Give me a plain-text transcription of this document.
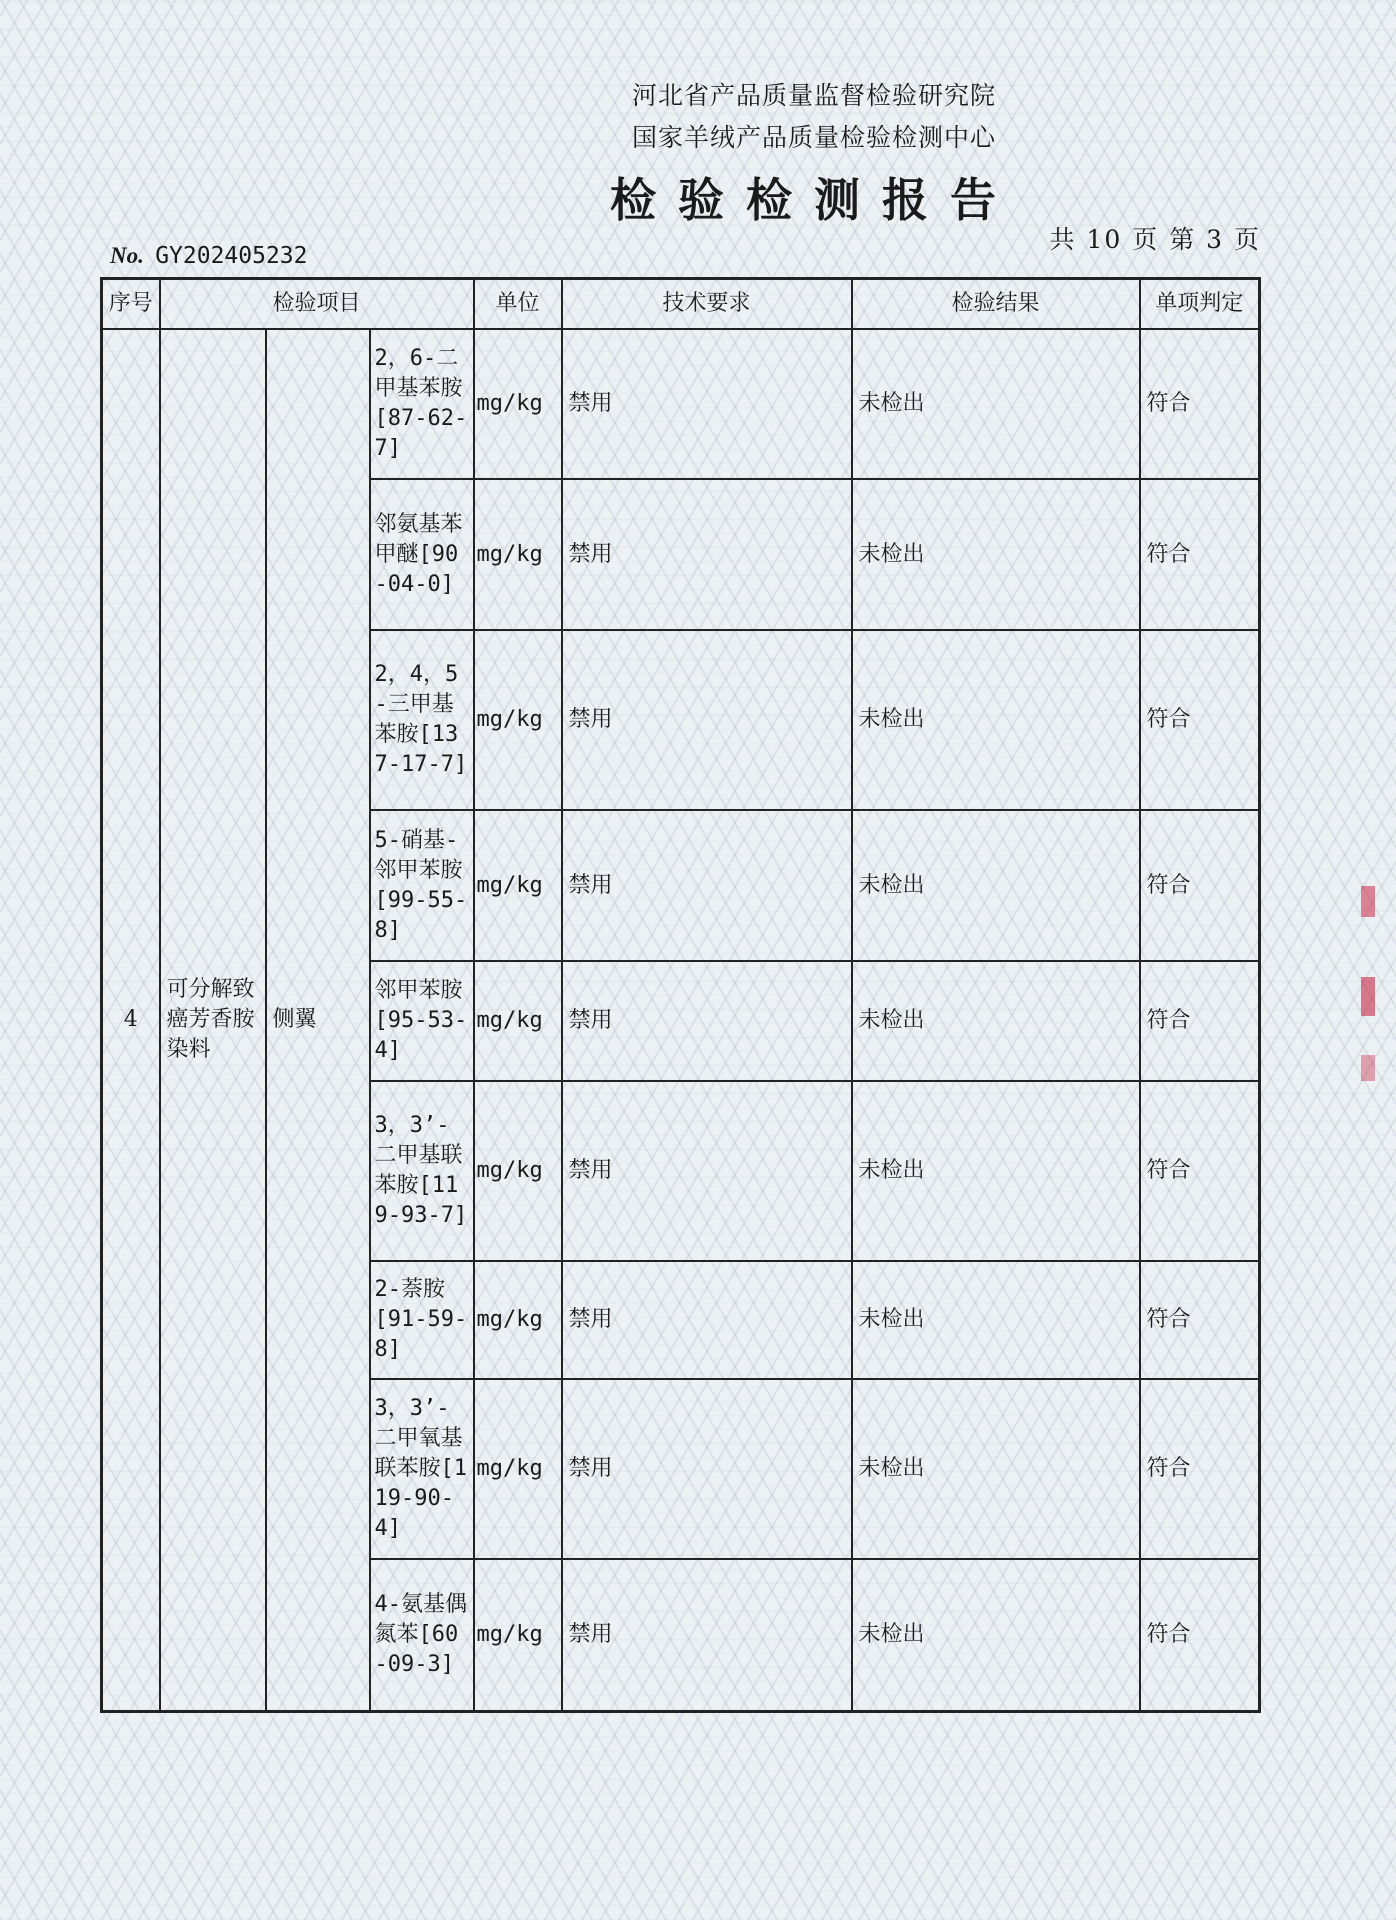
河北省产品质量监督检验研究院
国家羊绒产品质量检验检测中心
检验检测报告
共 10 页 第 3 页
No. GY202405232
序号	检验项目			单位	技术要求	检验结果	单项判定
4	可分解致癌芳香胺染料	侧翼	2，6-二甲基苯胺[87-62-7]	mg/kg	禁用	未检出	符合
			邻氨基苯甲醚[90-04-0]	mg/kg	禁用	未检出	符合
			2，4，5-三甲基苯胺[137-17-7]	mg/kg	禁用	未检出	符合
			5-硝基-邻甲苯胺[99-55-8]	mg/kg	禁用	未检出	符合
			邻甲苯胺[95-53-4]	mg/kg	禁用	未检出	符合
			3，3’-二甲基联苯胺[119-93-7]	mg/kg	禁用	未检出	符合
			2-萘胺[91-59-8]	mg/kg	禁用	未检出	符合
			3，3’-二甲氧基联苯胺[119-90-4]	mg/kg	禁用	未检出	符合
			4-氨基偶氮苯[60-09-3]	mg/kg	禁用	未检出	符合
